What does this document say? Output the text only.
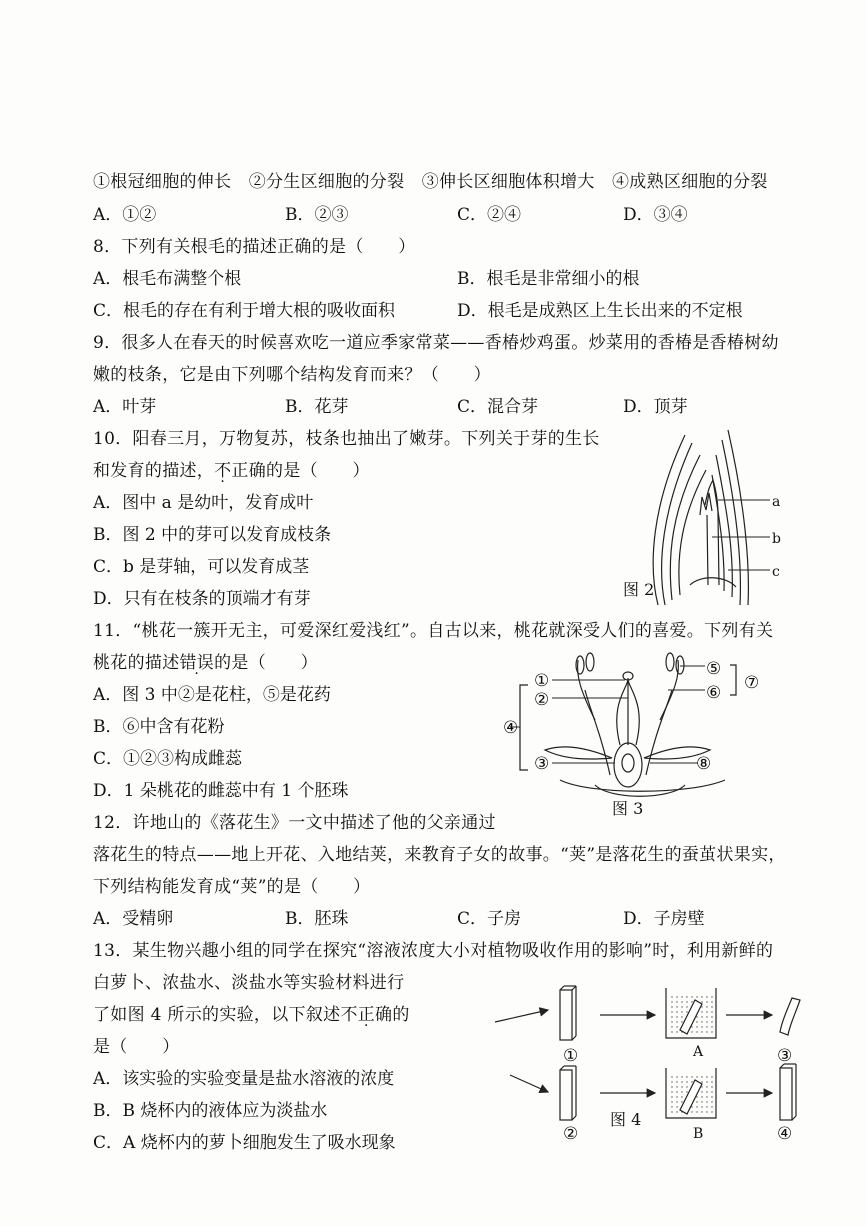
①根冠细胞的伸长　②分生区细胞的分裂　③伸长区细胞体积增大　④成熟区细胞的分裂
A．①②	B．②③	C．②④	D．③④
8．下列有关根毛的描述正确的是（　　）
A．根毛布满整个根	B．根毛是非常细小的根
C．根毛的存在有利于增大根的吸收面积	D．根毛是成熟区上生长出来的不定根
9．很多人在春天的时候喜欢吃一道应季家常菜——香椿炒鸡蛋。炒菜用的香椿是香椿树幼
嫩的枝条，它是由下列哪个结构发育而来？（　　）
A．叶芽	B．花芽	C．混合芽	D．顶芽
10．阳春三月，万物复苏，枝条也抽出了嫩芽。下列关于芽的生长
和发育的描述，不正确的是（　　）
A．图中 a 是幼叶，发育成叶
B．图 2 中的芽可以发育成枝条
C．b 是芽轴，可以发育成茎
D．只有在枝条的顶端才有芽
a
b
c
图 2
11．“桃花一簇开无主，可爱深红爱浅红”。自古以来，桃花就深受人们的喜爱。下列有关
桃花的描述错误的是（　　）
A．图 3 中②是花柱，⑤是花药
B．⑥中含有花粉
C．①②③构成雌蕊
D．1 朵桃花的雌蕊中有 1 个胚珠
①
②
③
④
⑤
⑥ ⑦
⑧
图 3
12．许地山的《落花生》一文中描述了他的父亲通过
落花生的特点——地上开花、入地结荚，来教育子女的故事。“荚”是落花生的蚕茧状果实，
下列结构能发育成“荚”的是（　　）
A．受精卵	B．胚珠	C．子房	D．子房壁
13．某生物兴趣小组的同学在探究“溶液浓度大小对植物吸收作用的影响”时，利用新鲜的
白萝卜、浓盐水、淡盐水等实验材料进行
了如图 4 所示的实验，以下叙述不正确的
是（　　）
A．该实验的实验变量是盐水溶液的浓度
B．B 烧杯内的液体应为淡盐水
C．A 烧杯内的萝卜细胞发生了吸水现象
①
②
③
④
A
B
图 4
